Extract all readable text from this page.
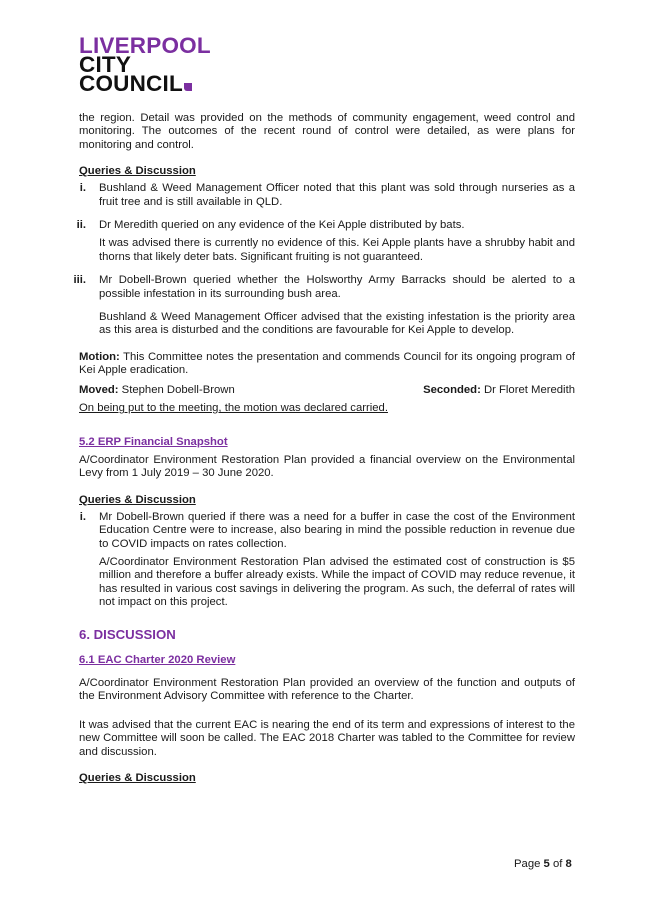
LIVERPOOL
CITY
COUNCIL

the region. Detail was provided on the methods of community engagement, weed control and monitoring. The outcomes of the recent round of control were detailed, as were plans for monitoring and control.

Queries & Discussion
i. Bushland & Weed Management Officer noted that this plant was sold through nurseries as a fruit tree and is still available in QLD.

ii. Dr Meredith queried on any evidence of the Kei Apple distributed by bats.

It was advised there is currently no evidence of this. Kei Apple plants have a shrubby habit and thorns that likely deter bats. Significant fruiting is not guaranteed.

iii. Mr Dobell-Brown queried whether the Holsworthy Army Barracks should be alerted to a possible infestation in its surrounding bush area.

Bushland & Weed Management Officer advised that the existing infestation is the priority area as this area is disturbed and the conditions are favourable for Kei Apple to develop.

Motion: This Committee notes the presentation and commends Council for its ongoing program of Kei Apple eradication.

Moved: Stephen Dobell-Brown	Seconded: Dr Floret Meredith
On being put to the meeting, the motion was declared carried.
5.2 ERP Financial Snapshot

A/Coordinator Environment Restoration Plan provided a financial overview on the Environmental Levy from 1 July 2019 – 30 June 2020.

Queries & Discussion
i. Mr Dobell-Brown queried if there was a need for a buffer in case the cost of the Environment Education Centre were to increase, also bearing in mind the possible reduction in revenue due to COVID impacts on rates collection.

A/Coordinator Environment Restoration Plan advised the estimated cost of construction is $5 million and therefore a buffer already exists. While the impact of COVID may reduce revenue, it has resulted in various cost savings in delivering the program. As such, the deferral of rates will not impact on this project.

6. DISCUSSION
6.1 EAC Charter 2020 Review

A/Coordinator Environment Restoration Plan provided an overview of the function and outputs of the Environment Advisory Committee with reference to the Charter.

It was advised that the current EAC is nearing the end of its term and expressions of interest to the new Committee will soon be called. The EAC 2018 Charter was tabled to the Committee for review and discussion.

Queries & Discussion
Page 5 of 8
